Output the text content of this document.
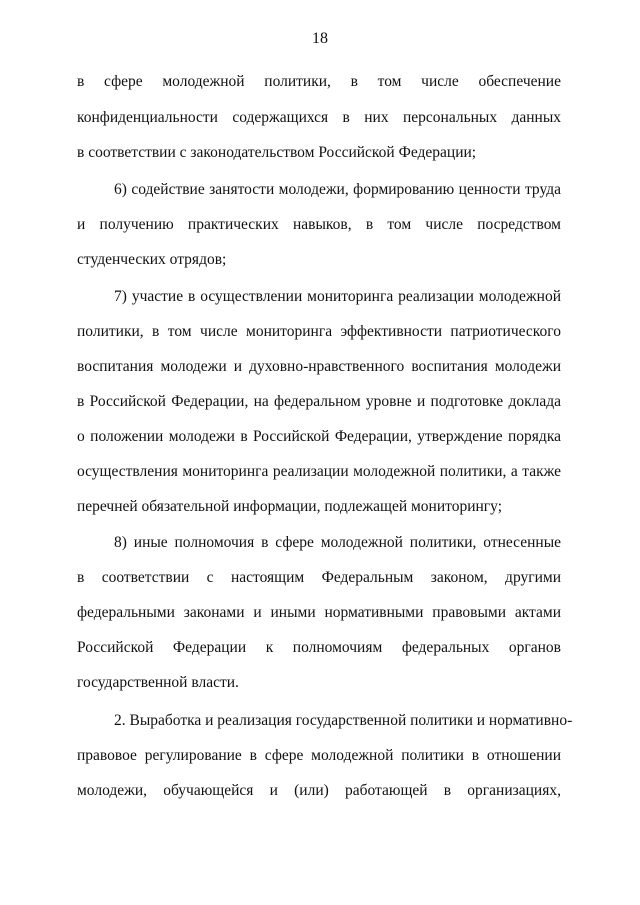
18
в сфере молодежной политики, в том числе обеспечение
конфиденциальности содержащихся в них персональных данных
в соответствии с законодательством Российской Федерации;
6) содействие занятости молодежи, формированию ценности труда
и получению практических навыков, в том числе посредством
студенческих отрядов;
7) участие в осуществлении мониторинга реализации молодежной
политики, в том числе мониторинга эффективности патриотического
воспитания молодежи и духовно-нравственного воспитания молодежи
в Российской Федерации, на федеральном уровне и подготовке доклада
о положении молодежи в Российской Федерации, утверждение порядка
осуществления мониторинга реализации молодежной политики, а также
перечней обязательной информации, подлежащей мониторингу;
8) иные полномочия в сфере молодежной политики, отнесенные
в соответствии с настоящим Федеральным законом, другими
федеральными законами и иными нормативными правовыми актами
Российской Федерации к полномочиям федеральных органов
государственной власти.
2. Выработка и реализация государственной политики и нормативно-
правовое регулирование в сфере молодежной политики в отношении
молодежи, обучающейся и (или) работающей в организациях,
